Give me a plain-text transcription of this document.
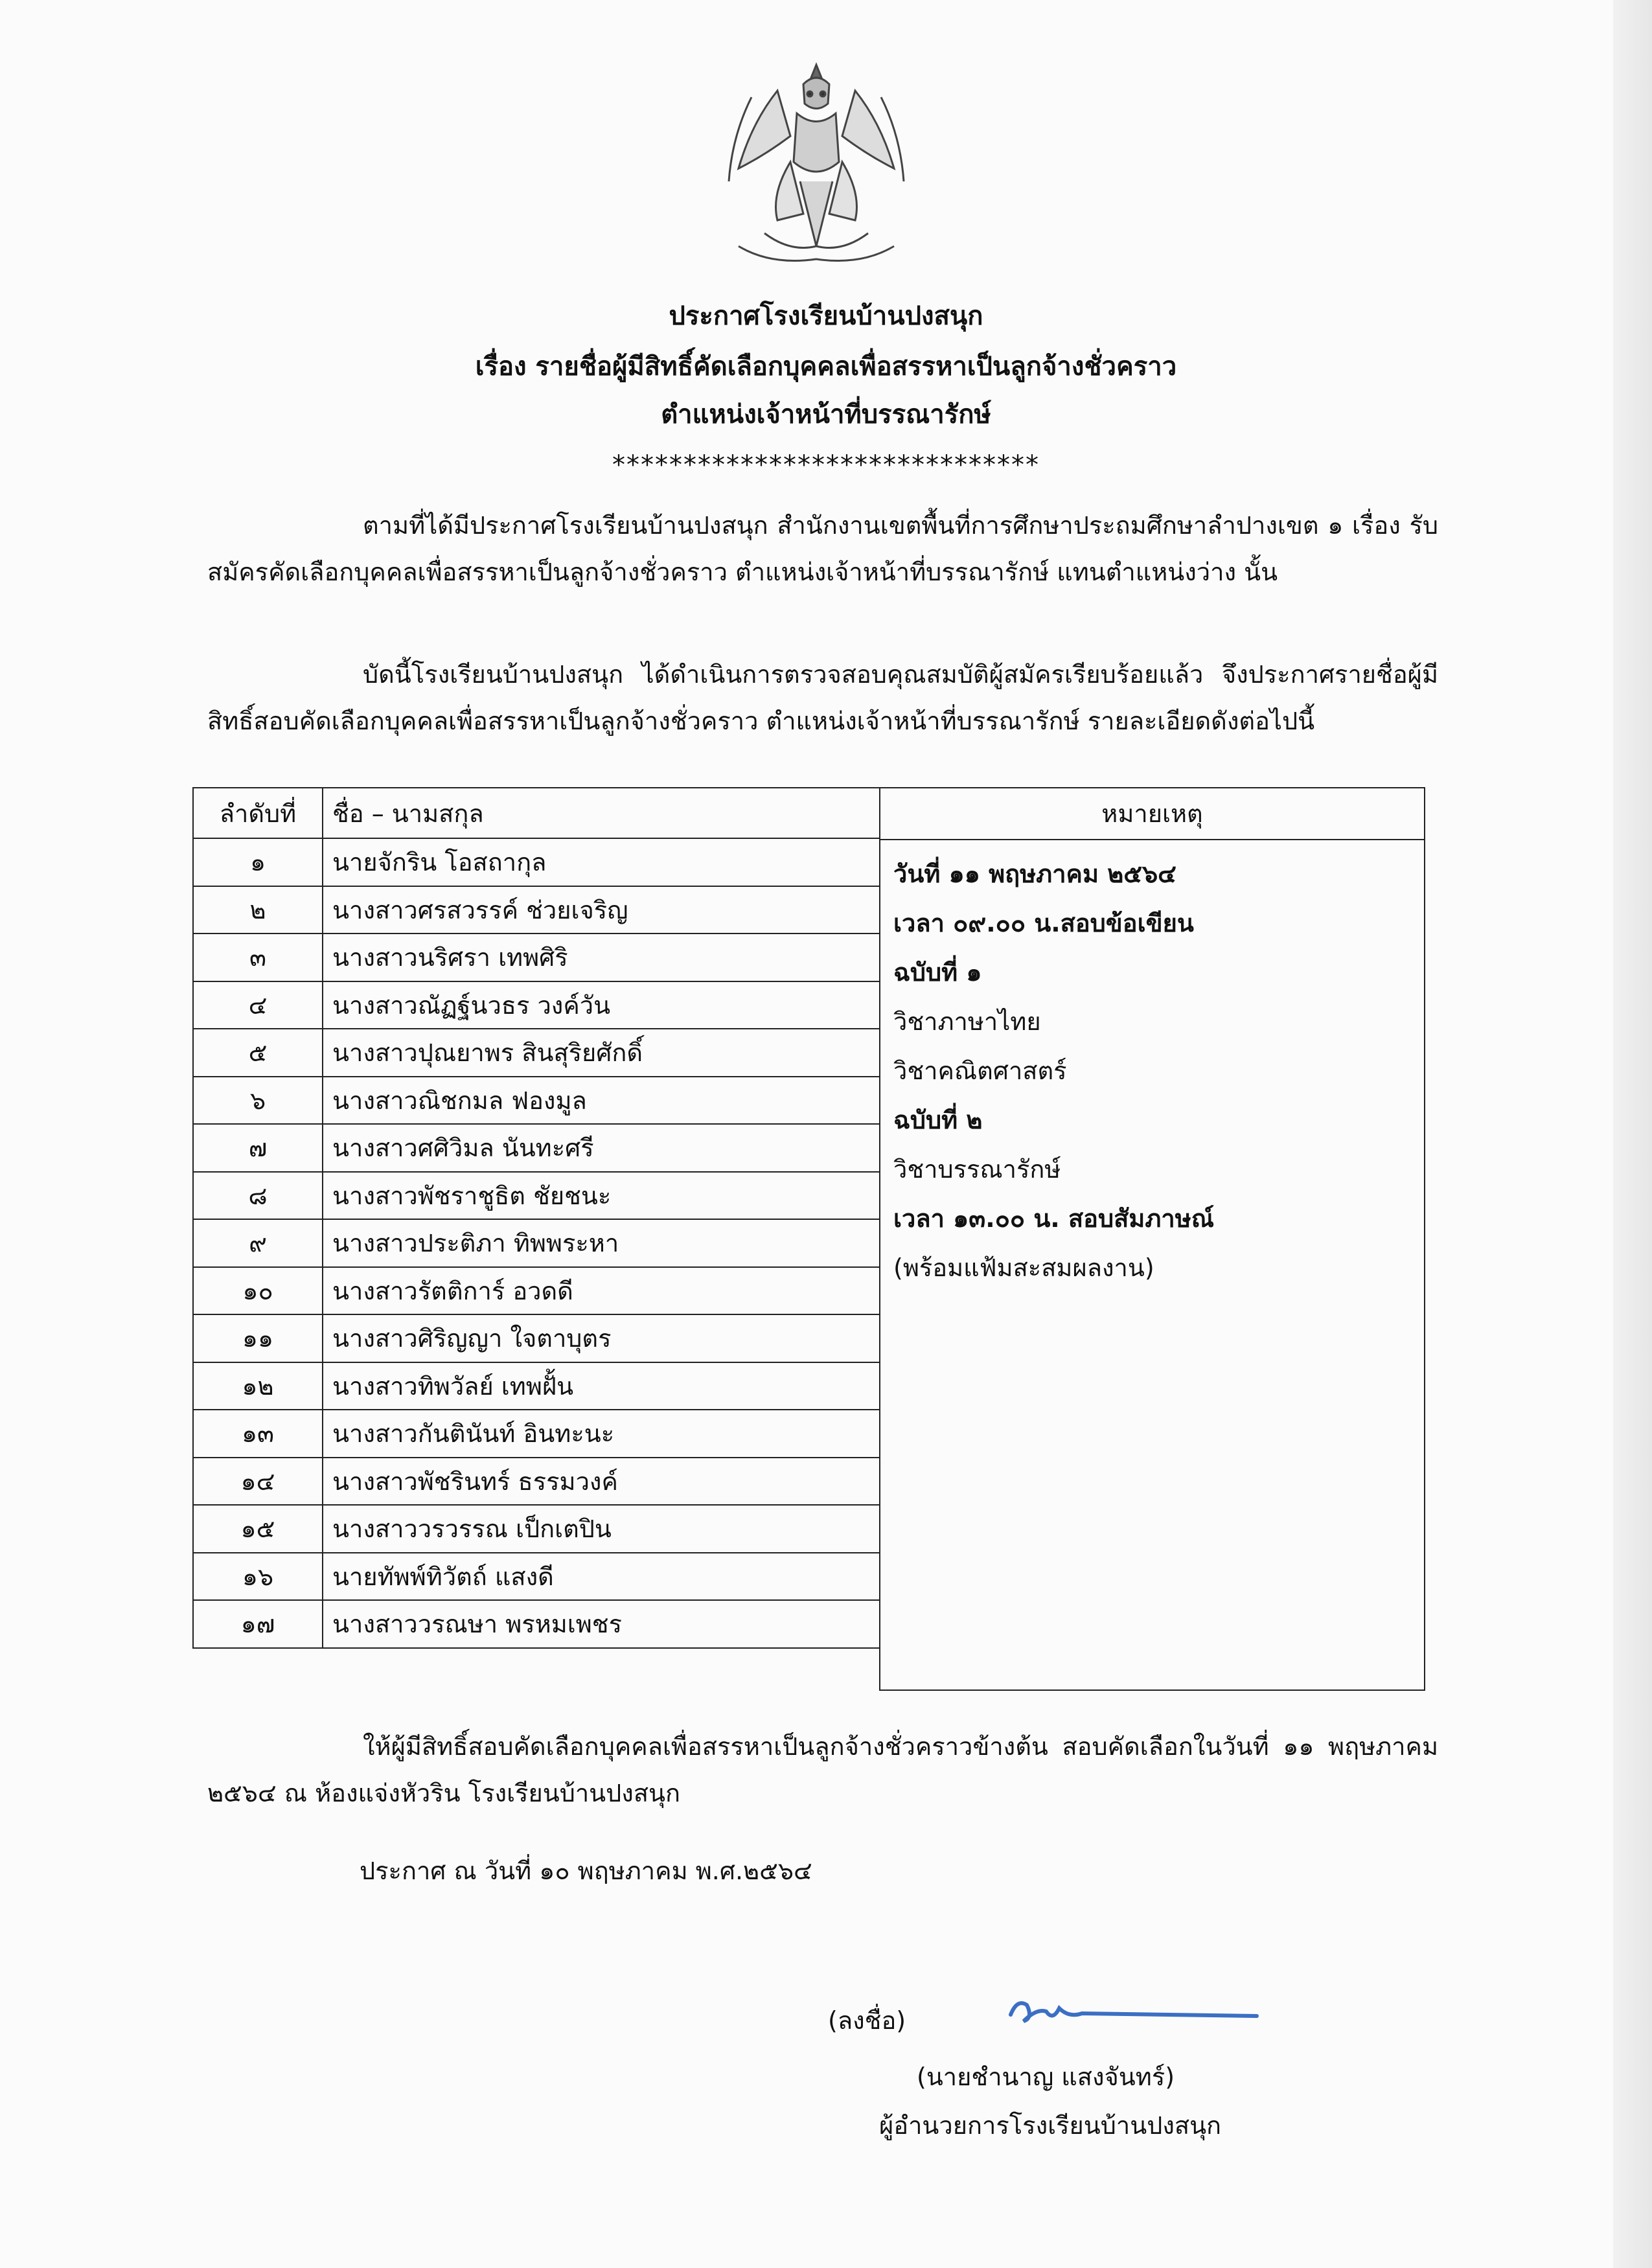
ประกาศโรงเรียนบ้านปงสนุก
เรื่อง รายชื่อผู้มีสิทธิ์คัดเลือกบุคคลเพื่อสรรหาเป็นลูกจ้างชั่วคราว
ตำแหน่งเจ้าหน้าที่บรรณารักษ์
******************************
ตามที่ได้มีประกาศโรงเรียนบ้านปงสนุก สำนักงานเขตพื้นที่การศึกษาประถมศึกษาลำปางเขต ๑ เรื่อง รับสมัครคัดเลือกบุคคลเพื่อสรรหาเป็นลูกจ้างชั่วคราว ตำแหน่งเจ้าหน้าที่บรรณารักษ์ แทนตำแหน่งว่าง นั้น
บัดนี้โรงเรียนบ้านปงสนุก ได้ดำเนินการตรวจสอบคุณสมบัติผู้สมัครเรียบร้อยแล้ว จึงประกาศรายชื่อผู้มีสิทธิ์สอบคัดเลือกบุคคลเพื่อสรรหาเป็นลูกจ้างชั่วคราว ตำแหน่งเจ้าหน้าที่บรรณารักษ์ รายละเอียดดังต่อไปนี้
ลำดับที่	ชื่อ – นามสกุล
๑	นายจักริน โอสถากุล
๒	นางสาวศรสวรรค์ ช่วยเจริญ
๓	นางสาวนริศรา เทพศิริ
๔	นางสาวณัฏฐ์นวธร วงค์วัน
๕	นางสาวปุณยาพร สินสุริยศักดิ์
๖	นางสาวณิชกมล ฟองมูล
๗	นางสาวศศิวิมล นันทะศรี
๘	นางสาวพัชราชูธิต ชัยชนะ
๙	นางสาวประติภา ทิพพระหา
๑๐	นางสาวรัตติการ์ อวดดี
๑๑	นางสาวศิริญญา ใจตาบุตร
๑๒	นางสาวทิพวัลย์ เทพฝั้น
๑๓	นางสาวกันตินันท์ อินทะนะ
๑๔	นางสาวพัชรินทร์ ธรรมวงค์
๑๕	นางสาววรวรรณ เป็กเตปิน
๑๖	นายทัพพ์ทิวัตถ์ แสงดี
๑๗	นางสาววรณษา พรหมเพชร
หมายเหตุ
วันที่ ๑๑ พฤษภาคม ๒๕๖๔
เวลา ๐๙.๐๐ น.สอบข้อเขียน
ฉบับที่ ๑
วิชาภาษาไทย
วิชาคณิตศาสตร์
ฉบับที่ ๒
วิชาบรรณารักษ์
เวลา ๑๓.๐๐ น. สอบสัมภาษณ์
(พร้อมแฟ้มสะสมผลงาน)
ให้ผู้มีสิทธิ์สอบคัดเลือกบุคคลเพื่อสรรหาเป็นลูกจ้างชั่วคราวข้างต้น สอบคัดเลือกในวันที่ ๑๑ พฤษภาคม ๒๕๖๔ ณ ห้องแจ่งหัวริน โรงเรียนบ้านปงสนุก
ประกาศ ณ วันที่ ๑๐ พฤษภาคม พ.ศ.๒๕๖๔
(ลงชื่อ)
(นายชำนาญ แสงจันทร์)
ผู้อำนวยการโรงเรียนบ้านปงสนุก
